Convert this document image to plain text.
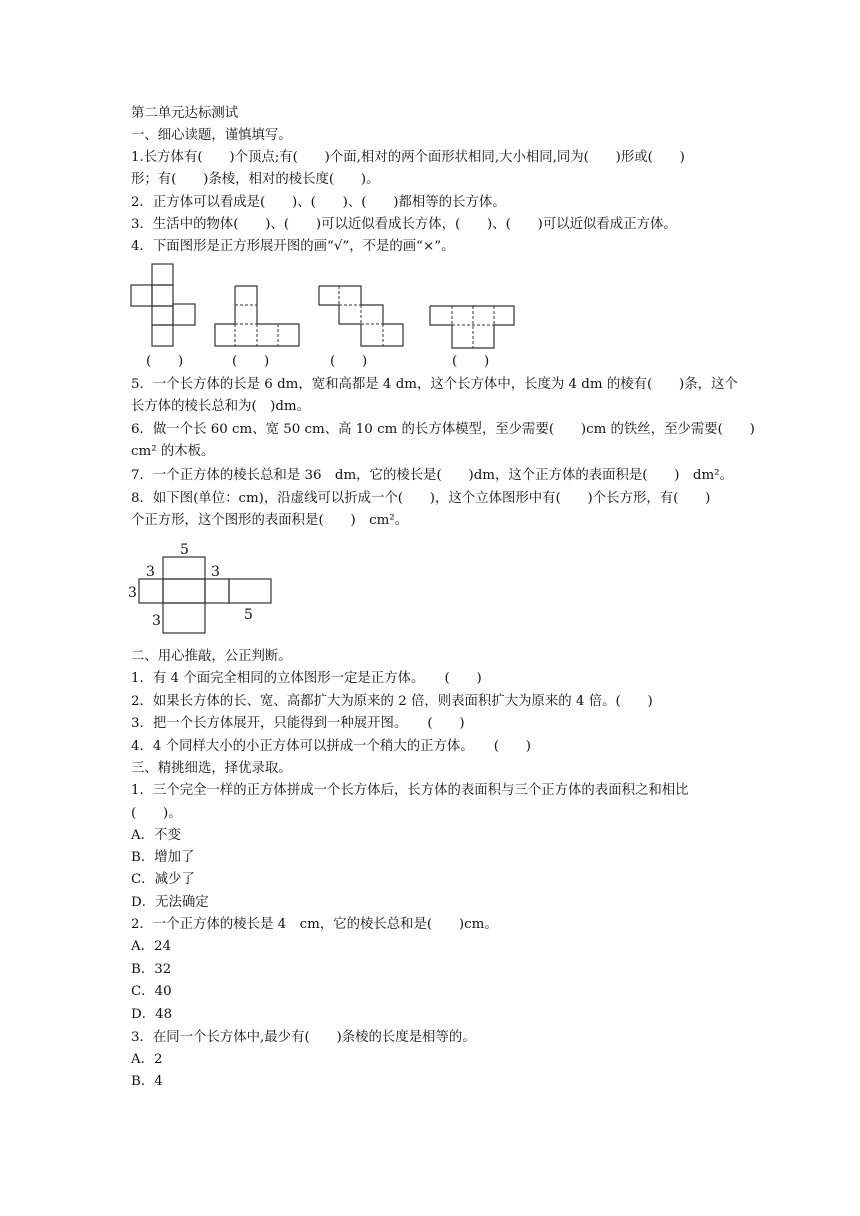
第二单元达标测试
一、细心读题，谨慎填写。
1.长方体有(　　)个顶点;有(　　)个面,相对的两个面形状相同,大小相同,同为(　　)形或(　　)
形；有(　　)条棱，相对的棱长度(　　)。
2．正方体可以看成是(　　)、(　　)、(　　)都相等的长方体。
3．生活中的物体(　　)、(　　)可以近似看成长方体，(　　)、(　　)可以近似看成正方体。
4．下面图形是正方形展开图的画“√”，不是的画“×”。
(　　)	(　　)	(　　)	(　　)
5．一个长方体的长是 6 dm，宽和高都是 4 dm，这个长方体中，长度为 4 dm 的棱有(　　)条，这个
长方体的棱长总和为(　)dm。
6．做一个长 60 cm、宽 50 cm、高 10 cm 的长方体模型，至少需要(　　)cm 的铁丝，至少需要(　　)
cm² 的木板。
7．一个正方体的棱长总和是 36　dm，它的棱长是(　　)dm，这个正方体的表面积是(　　)　dm²。
8．如下图(单位：cm)，沿虚线可以折成一个(　　)，这个立体图形中有(　　)个长方形，有(　　)
个正方形，这个图形的表面积是(　　)　cm²。
5
3	3
3
5
3
二、用心推敲，公正判断。
1．有 4 个面完全相同的立体图形一定是正方体。　　(　　)
2．如果长方体的长、宽、高都扩大为原来的 2 倍，则表面积扩大为原来的 4 倍。(　　)
3．把一个长方体展开，只能得到一种展开图。　　(　　)
4．4 个同样大小的小正方体可以拼成一个稍大的正方体。　　(　　)
三、精挑细选，择优录取。
1．三个完全一样的正方体拼成一个长方体后，长方体的表面积与三个正方体的表面积之和相比
(　　)。
A．不变
B．增加了
C．减少了
D．无法确定
2．一个正方体的棱长是 4　cm，它的棱长总和是(　　)cm。
A．24
B．32
C．40
D．48
3．在同一个长方体中,最少有(　　)条棱的长度是相等的。
A．2
B．4
